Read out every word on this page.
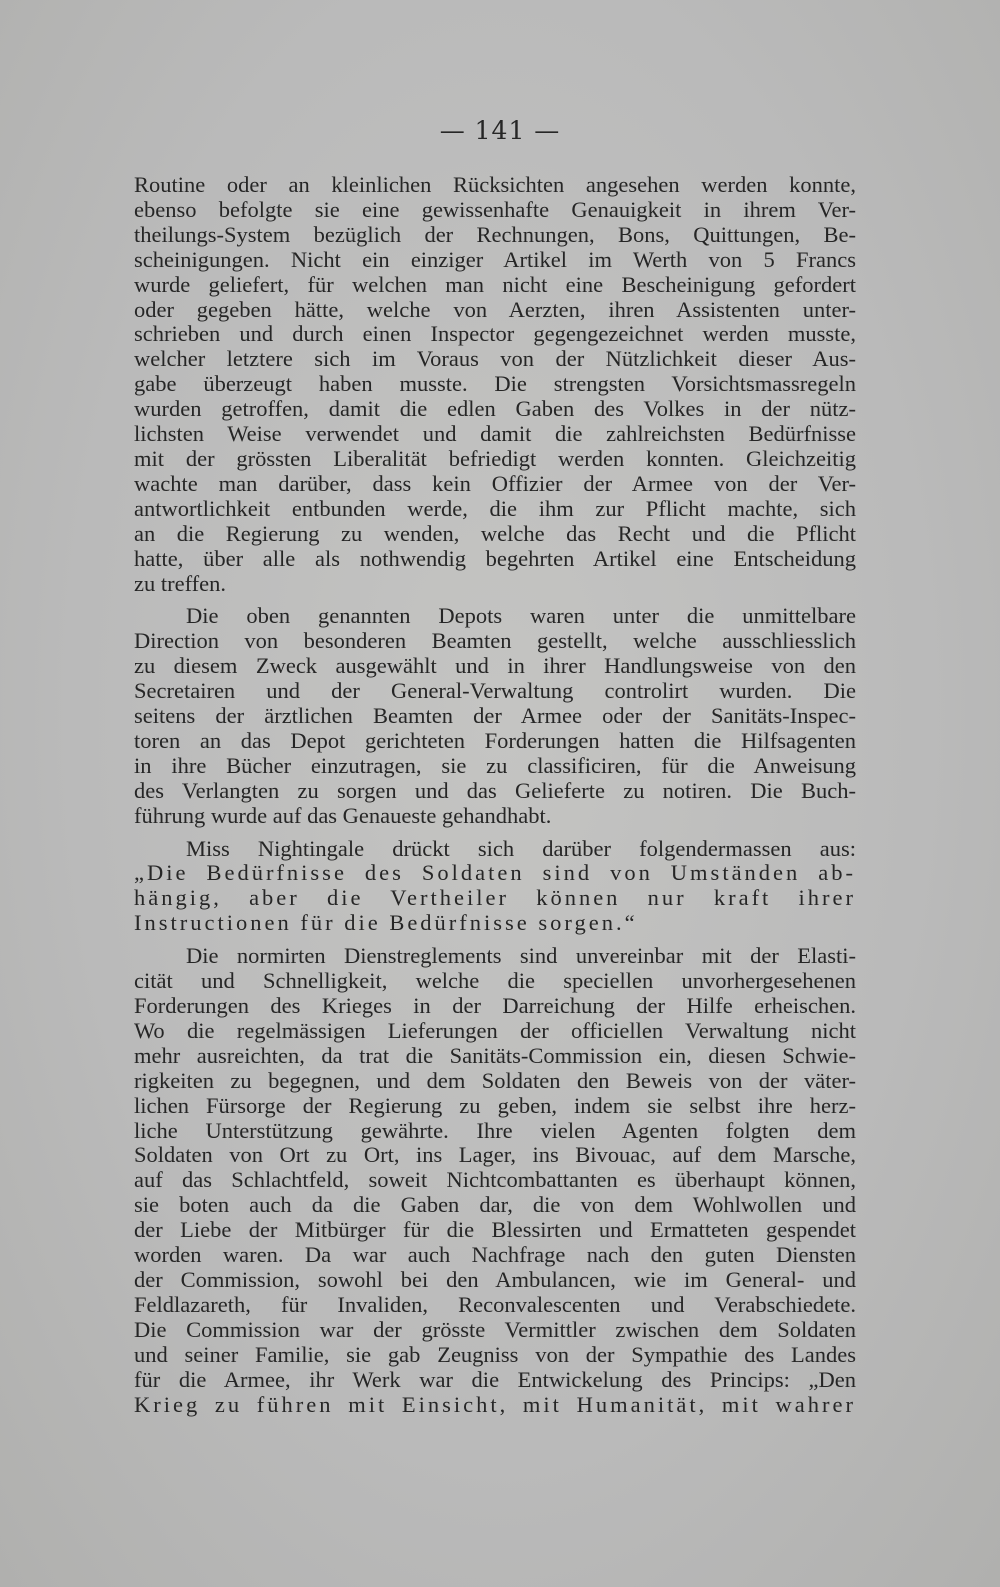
— 141 —
Routine oder an kleinlichen Rücksichten angesehen werden konnte,
ebenso befolgte sie eine gewissenhafte Genauigkeit in ihrem Ver-
theilungs-System bezüglich der Rechnungen, Bons, Quittungen, Be-
scheinigungen. Nicht ein einziger Artikel im Werth von 5 Francs
wurde geliefert, für welchen man nicht eine Bescheinigung gefordert
oder gegeben hätte, welche von Aerzten, ihren Assistenten unter-
schrieben und durch einen Inspector gegengezeichnet werden musste,
welcher letztere sich im Voraus von der Nützlichkeit dieser Aus-
gabe überzeugt haben musste. Die strengsten Vorsichtsmassregeln
wurden getroffen, damit die edlen Gaben des Volkes in der nütz-
lichsten Weise verwendet und damit die zahlreichsten Bedürfnisse
mit der grössten Liberalität befriedigt werden konnten. Gleichzeitig
wachte man darüber, dass kein Offizier der Armee von der Ver-
antwortlichkeit entbunden werde, die ihm zur Pflicht machte, sich
an die Regierung zu wenden, welche das Recht und die Pflicht
hatte, über alle als nothwendig begehrten Artikel eine Entscheidung
zu treffen.
Die oben genannten Depots waren unter die unmittelbare
Direction von besonderen Beamten gestellt, welche ausschliesslich
zu diesem Zweck ausgewählt und in ihrer Handlungsweise von den
Secretairen und der General-Verwaltung controlirt wurden. Die
seitens der ärztlichen Beamten der Armee oder der Sanitäts-Inspec-
toren an das Depot gerichteten Forderungen hatten die Hilfsagenten
in ihre Bücher einzutragen, sie zu classificiren, für die Anweisung
des Verlangten zu sorgen und das Gelieferte zu notiren. Die Buch-
führung wurde auf das Genaueste gehandhabt.
Miss Nightingale drückt sich darüber folgendermassen aus:
„Die Bedürfnisse des Soldaten sind von Umständen ab-
hängig, aber die Vertheiler können nur kraft ihrer
Instructionen für die Bedürfnisse sorgen.“
Die normirten Dienstreglements sind unvereinbar mit der Elasti-
cität und Schnelligkeit, welche die speciellen unvorhergesehenen
Forderungen des Krieges in der Darreichung der Hilfe erheischen.
Wo die regelmässigen Lieferungen der officiellen Verwaltung nicht
mehr ausreichten, da trat die Sanitäts-Commission ein, diesen Schwie-
rigkeiten zu begegnen, und dem Soldaten den Beweis von der väter-
lichen Fürsorge der Regierung zu geben, indem sie selbst ihre herz-
liche Unterstützung gewährte. Ihre vielen Agenten folgten dem
Soldaten von Ort zu Ort, ins Lager, ins Bivouac, auf dem Marsche,
auf das Schlachtfeld, soweit Nichtcombattanten es überhaupt können,
sie boten auch da die Gaben dar, die von dem Wohlwollen und
der Liebe der Mitbürger für die Blessirten und Ermatteten gespendet
worden waren. Da war auch Nachfrage nach den guten Diensten
der Commission, sowohl bei den Ambulancen, wie im General- und
Feldlazareth, für Invaliden, Reconvalescenten und Verabschiedete.
Die Commission war der grösste Vermittler zwischen dem Soldaten
und seiner Familie, sie gab Zeugniss von der Sympathie des Landes
für die Armee, ihr Werk war die Entwickelung des Princips: „Den
Krieg zu führen mit Einsicht, mit Humanität, mit wahrer
